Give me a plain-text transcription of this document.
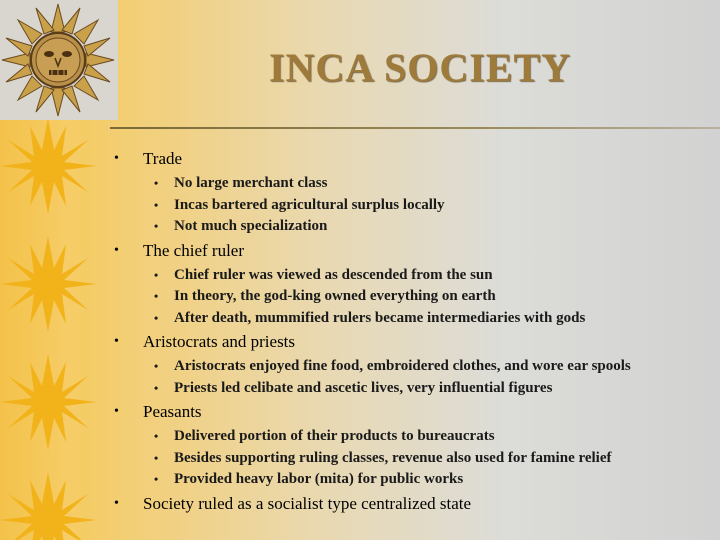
INCA SOCIETY
• Trade
• No large merchant class
• Incas bartered agricultural surplus locally
• Not much specialization
• The chief ruler
• Chief ruler was viewed as descended from the sun
• In theory, the god-king owned everything on earth
• After death, mummified rulers became intermediaries with gods
• Aristocrats and priests
• Aristocrats enjoyed fine food, embroidered clothes, and wore ear spools
• Priests led celibate and ascetic lives, very influential figures
• Peasants
• Delivered portion of their products to bureaucrats
• Besides supporting ruling classes, revenue also used for famine relief
• Provided heavy labor (mita) for public works
• Society ruled as a socialist type centralized state
